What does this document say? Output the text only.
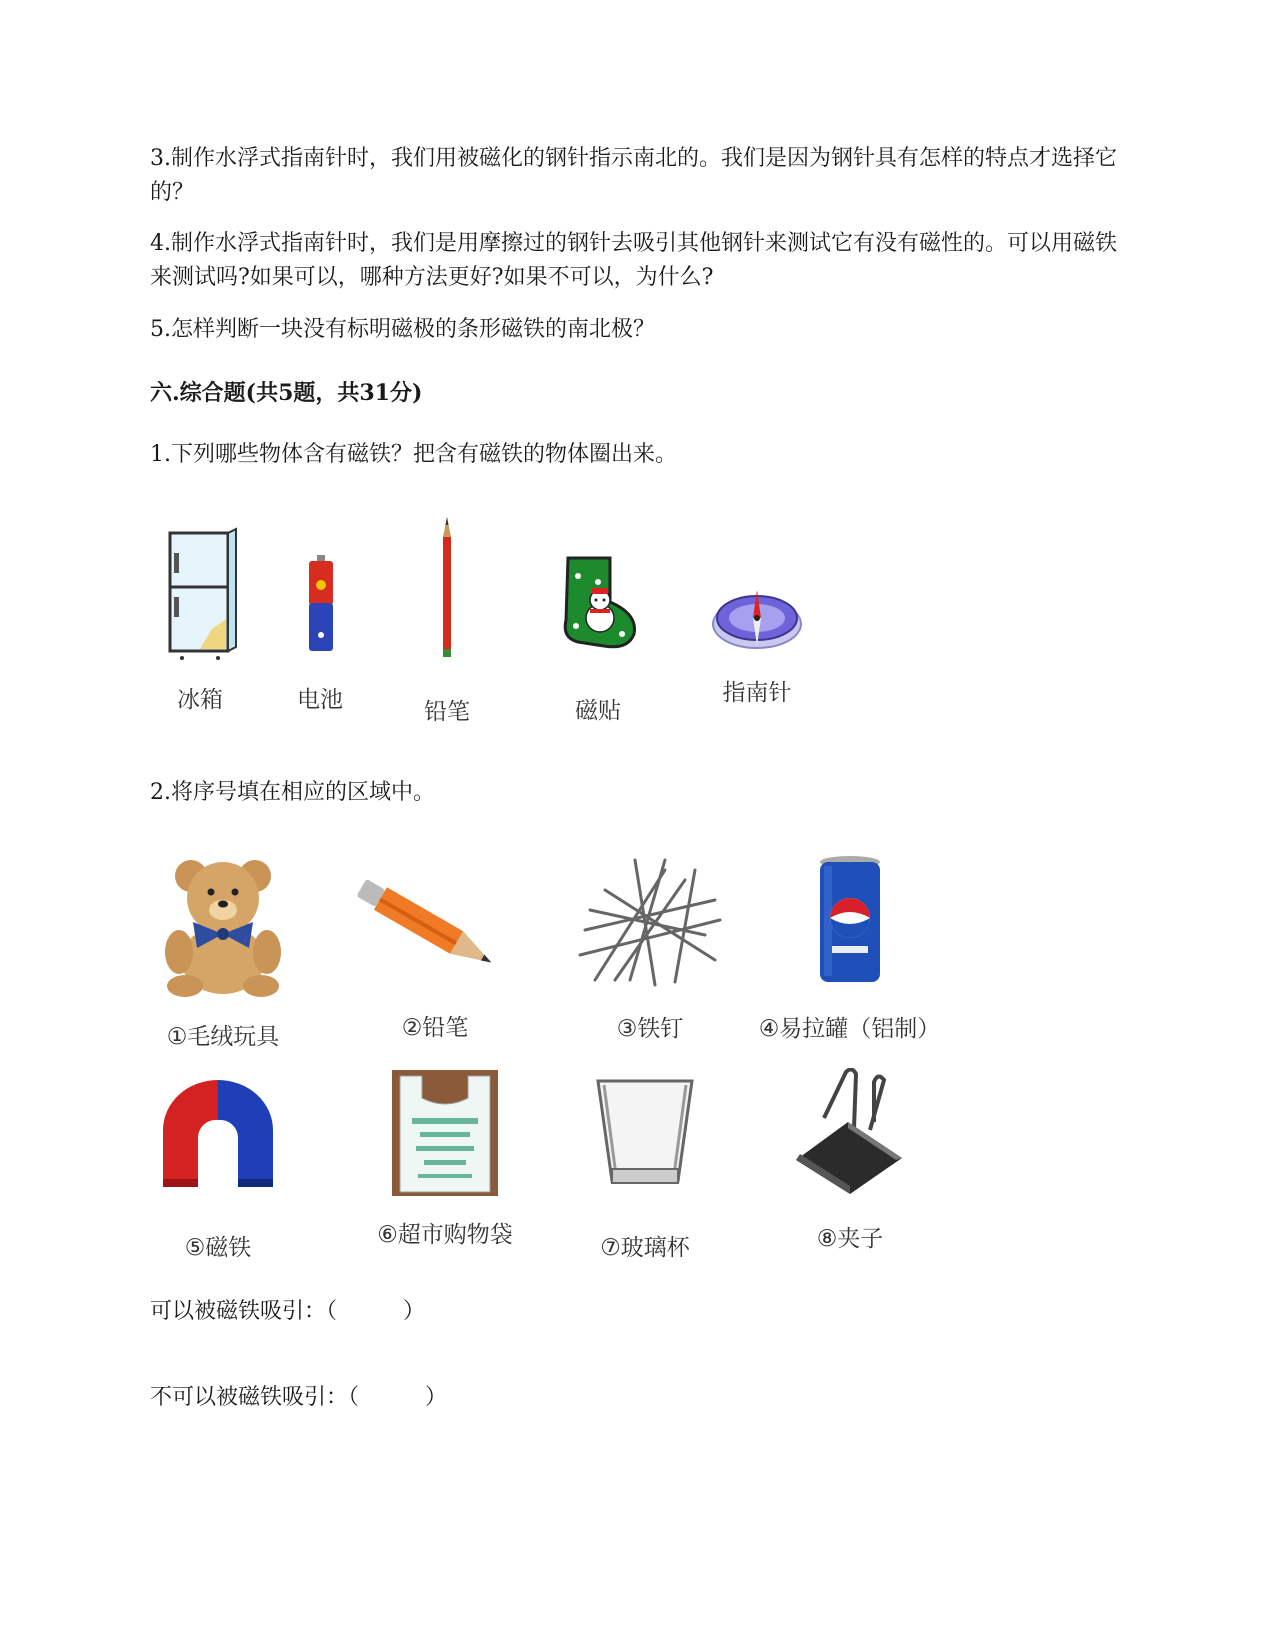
3.制作水浮式指南针时，我们用被磁化的钢针指示南北的。我们是因为钢针具有怎样的特点才选择它的？

4.制作水浮式指南针时，我们是用摩擦过的钢针去吸引其他钢针来测试它有没有磁性的。可以用磁铁来测试吗?如果可以，哪种方法更好?如果不可以，为什么?

5.怎样判断一块没有标明磁极的条形磁铁的南北极？

六.综合题(共5题，共31分)

1.下列哪些物体含有磁铁？把含有磁铁的物体圈出来。

冰箱	电池	铅笔	磁贴
指南针

2.将序号填在相应的区域中。

①毛绒玩具	②铅笔	③铁钉	④易拉罐（铝制）
⑤磁铁	⑥超市购物袋	⑦玻璃杯	⑧夹子
可以被磁铁吸引：（　　　）
不可以被磁铁吸引：（　　　）
